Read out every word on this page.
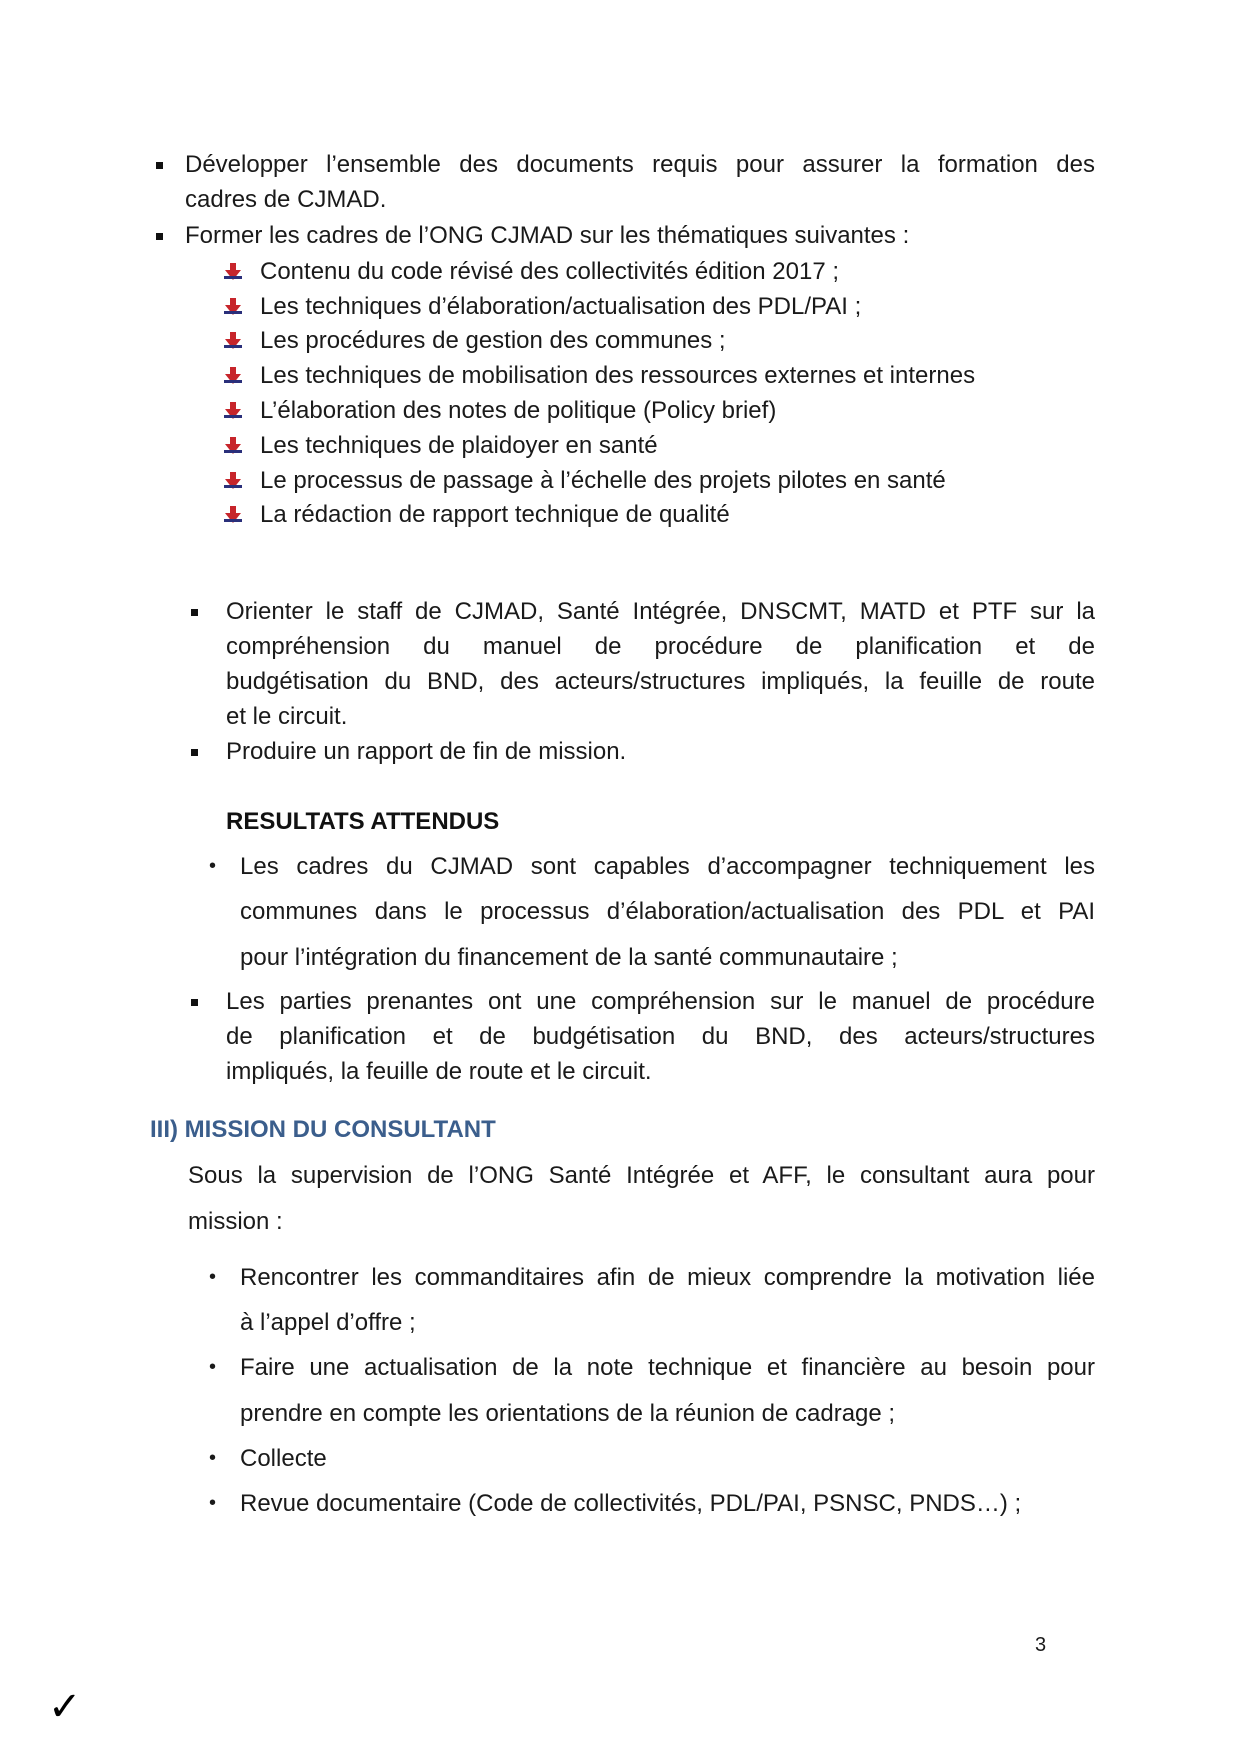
Développer l’ensemble des documents requis pour assurer la formation des
cadres de CJMAD.
Former les cadres de l’ONG CJMAD sur les thématiques suivantes :
Contenu du code révisé des collectivités édition 2017 ;
Les techniques d’élaboration/actualisation des PDL/PAI ;
Les procédures de gestion des communes ;
Les techniques de mobilisation des ressources externes et internes
L’élaboration des notes de politique (Policy brief)
Les techniques de plaidoyer en santé
Le processus de passage à l’échelle des projets pilotes en santé
La rédaction de rapport technique de qualité
Orienter le staff de CJMAD, Santé Intégrée, DNSCMT, MATD et PTF sur la
compréhension du manuel de procédure de planification et de
budgétisation du BND, des acteurs/structures impliqués, la feuille de route
et le circuit.
Produire un rapport de fin de mission.
RESULTATS ATTENDUS
• Les cadres du CJMAD sont capables d’accompagner techniquement les
communes dans le processus d’élaboration/actualisation des PDL et PAI
pour l’intégration du financement de la santé communautaire ;
Les parties prenantes ont une compréhension sur le manuel de procédure
de planification et de budgétisation du BND, des acteurs/structures
impliqués, la feuille de route et le circuit.
III) MISSION DU CONSULTANT
Sous la supervision de l’ONG Santé Intégrée et AFF, le consultant aura pour
mission :
• Rencontrer les commanditaires afin de mieux comprendre la motivation liée
à l’appel d’offre ;
• Faire une actualisation de la note technique et financière au besoin pour
prendre en compte les orientations de la réunion de cadrage ;
• Collecte
• Revue documentaire (Code de collectivités, PDL/PAI, PSNSC, PNDS…) ;
3
✓
